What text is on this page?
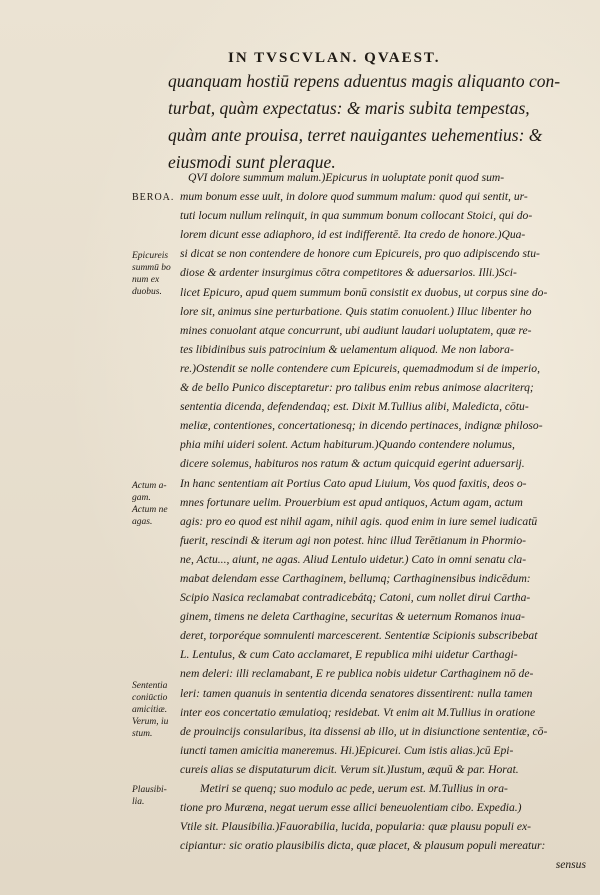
IN TVSCVLAN. QVAEST.
quanquam hostiū repens aduentus magis aliquanto con-
turbat, quàm expectatus: & maris subita tempestas,
quàm ante prouisa, terret nauigantes uehementius: &
eiusmodi sunt pleraque.
QVI dolore summum malum.)Epicurus in uoluptate ponit quod sum-
mum bonum esse uult, in dolore quod summum malum: quod qui sentit, ur-
tuti locum nullum relinquit, in qua summum bonum collocant Stoici, qui do-
lorem dicunt esse adiaphoro, id est indifferentē. Ita credo de honore.)Qua-
si dicat se non contendere de honore cum Epicureis, pro quo adipiscendo stu-
diose & ardenter insurgimus cōtra competitores & aduersarios. Illi.)Sci-
licet Epicuro, apud quem summum bonū consistit ex duobus, ut corpus sine do-
lore sit, animus sine perturbatione. Quis statim conuolent.) Illuc libenter ho
mines conuolant atque concurrunt, ubi audiunt laudari uoluptatem, quæ re-
tes libidinibus suis patrocinium & uelamentum aliquod. Me non labora-
re.)Ostendit se nolle contendere cum Epicureis, quemadmodum si de imperio,
& de bello Punico disceptaretur: pro talibus enim rebus animose alacriterq;
sententia dicenda, defendendaq; est. Dixit M.Tullius alibi, Maledicta, cōtu-
meliæ, contentiones, concertationesq; in dicendo pertinaces, indignæ philoso-
phia mihi uideri solent. Actum habiturum.)Quando contendere nolumus,
dicere solemus, habituros nos ratum & actum quicquid egerint aduersarij.
In hanc sententiam ait Portius Cato apud Liuium, Vos quod faxitis, deos o-
mnes fortunare uelim. Prouerbium est apud antiquos, Actum agam, actum
agis: pro eo quod est nihil agam, nihil agis. quod enim in iure semel iudicatū
fuerit, rescindi & iterum agi non potest. hinc illud Terētianum in Phormio-
ne, Actu..., aiunt, ne agas. Aliud Lentulo uidetur.) Cato in omni senatu cla-
mabat delendam esse Carthaginem, bellumq; Carthaginensibus indicēdum:
Scipio Nasica reclamabat contradicebátq; Catoni, cum nollet dirui Cartha-
ginem, timens ne deleta Carthagine, securitas & ueternum Romanos inua-
deret, torporéque somnulenti marcescerent. Sententiæ Scipionis subscribebat
L. Lentulus, & cum Cato acclamaret, E republica mihi uidetur Carthagi-
nem deleri: illi reclamabant, E re publica nobis uidetur Carthaginem nō de-
leri: tamen quanuis in sententia dicenda senatores dissentirent: nulla tamen
inter eos concertatio æmulatioq; residebat. Vt enim ait M.Tullius in oratione
de prouincijs consularibus, ita dissensi ab illo, ut in disiunctione sententiæ, cō-
iuncti tamen amicitia maneremus. Hi.)Epicurei. Cum istis alias.)cū Epi-
cureis alias se disputaturum dicit. Verum sit.)Iustum, æquū & par. Horat.
Metiri se quenq; suo modulo ac pede, uerum est. M.Tullius in ora-
tione pro Muræna, negat uerum esse allici beneuolentiam cibo. Expedia.)
Vtile sit. Plausibilia.)Fauorabilia, lucida, popularia: quæ plausu populi ex-
cipiantur: sic oratio plausibilis dicta, quæ placet, & plausum populi mereatur:
sensus
BEROA.
Epicureis
summū bo
num ex
duobus.
Actum a-
gam.
Actum ne
agas.
Sententia
coniūctio
amicitiæ.
Verum, iu
stum.
Plausibi-
lia.
